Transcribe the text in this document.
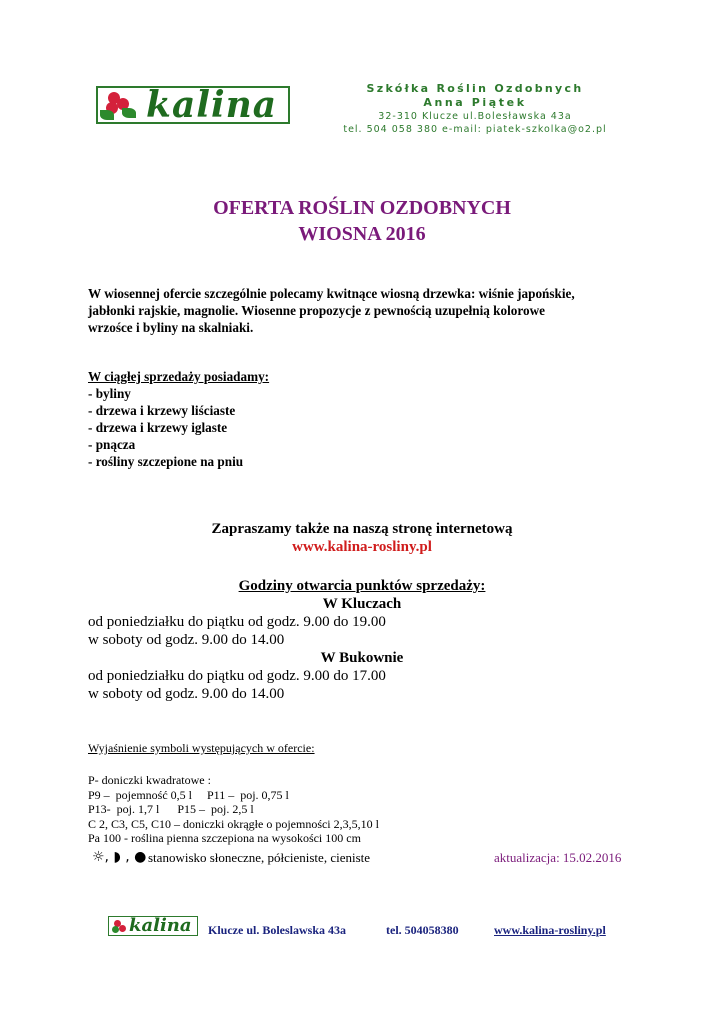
kalina	Szkółka Roślin Ozdobnych
Anna Piątek
32-310 Klucze ul.Bolesławska 43a
tel. 504 058 380 e-mail: piatek-szkolka@o2.pl
OFERTA ROŚLIN OZDOBNYCH
WIOSNA 2016
W wiosennej ofercie szczególnie polecamy kwitnące wiosną drzewka: wiśnie japońskie,
jabłonki rajskie, magnolie. Wiosenne propozycje z pewnością uzupełnią kolorowe
wrzośce i byliny na skalniaki.
W ciągłej sprzedaży posiadamy:
- byliny
- drzewa i krzewy liściaste
- drzewa i krzewy iglaste
- pnącza
- rośliny szczepione na pniu
Zapraszamy także na naszą stronę internetową
www.kalina-rosliny.pl
Godziny otwarcia punktów sprzedaży:
W Kluczach
od poniedziałku do piątku od godz. 9.00 do 19.00
w soboty od godz. 9.00 do 14.00
W Bukownie
od poniedziałku do piątku od godz. 9.00 do 17.00
w soboty od godz. 9.00 do 14.00
Wyjaśnienie symboli występujących w ofercie:
P- doniczki kwadratowe :
P9 –  pojemność 0,5 l     P11 –  poj. 0,75 l
P13-  poj. 1,7 l      P15 –  poj. 2,5 l
C 2, C3, C5, C10 – doniczki okrągłe o pojemności 2,3,5,10 l
Pa 100 - roślina pienna szczepiona na wysokości 100 cm
☼, ◗ , ● stanowisko słoneczne, półcieniste, cieniste	aktualizacja: 15.02.2016
kalina Klucze ul. Boleslawska 43a	tel. 504058380	www.kalina-rosliny.pl
